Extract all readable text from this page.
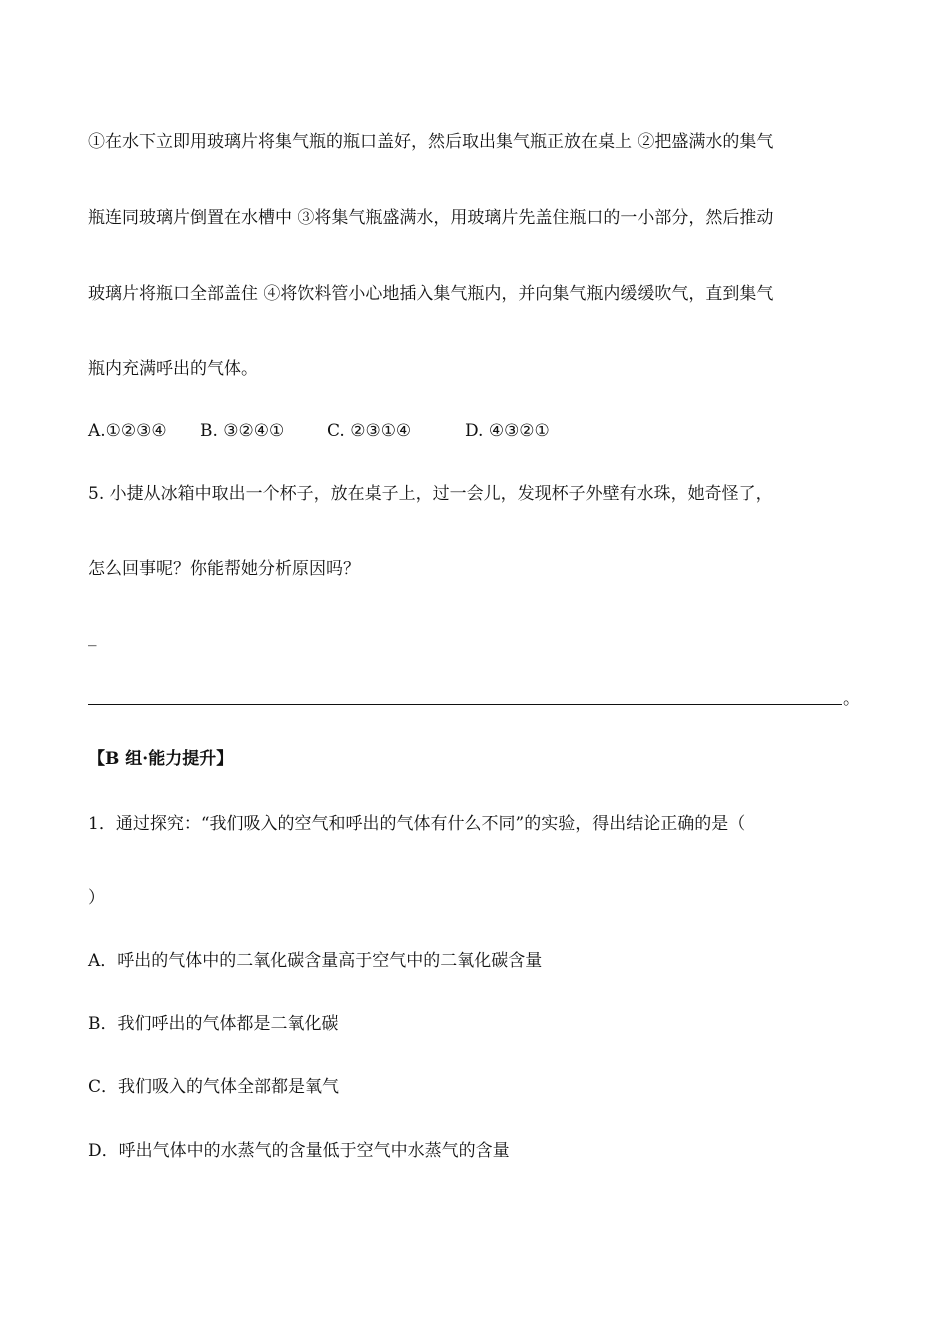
①在水下立即用玻璃片将集气瓶的瓶口盖好，然后取出集气瓶正放在桌上 ②把盛满水的集气
瓶连同玻璃片倒置在水槽中 ③将集气瓶盛满水，用玻璃片先盖住瓶口的一小部分，然后推动
玻璃片将瓶口全部盖住 ④将饮料管小心地插入集气瓶内，并向集气瓶内缓缓吹气，直到集气
瓶内充满呼出的气体。
A.①②③④ B. ③②④①	C. ②③①④	D. ④③②①
5. 小捷从冰箱中取出一个杯子，放在桌子上，过一会儿，发现杯子外壁有水珠，她奇怪了，
怎么回事呢？你能帮她分析原因吗？
_
。
【B 组·能力提升】
1．通过探究：“我们吸入的空气和呼出的气体有什么不同”的实验，得出结论正确的是（
）
A．呼出的气体中的二氧化碳含量高于空气中的二氧化碳含量
B．我们呼出的气体都是二氧化碳
C．我们吸入的气体全部都是氧气
D．呼出气体中的水蒸气的含量低于空气中水蒸气的含量
